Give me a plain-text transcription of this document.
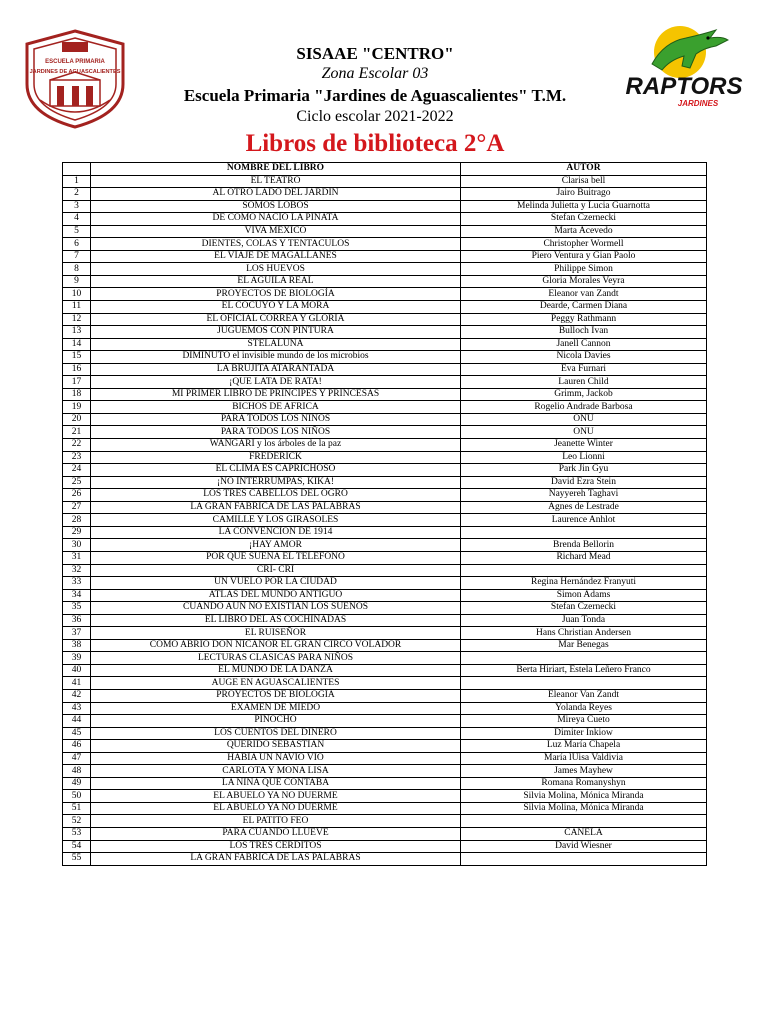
ESCUELA PRIMARIA
JARDINES DE AGUASCALIENTES
SISAAE "CENTRO"
Zona Escolar 03
Escuela Primaria "Jardines de Aguascalientes" T.M.
Ciclo escolar 2021-2022
Libros de biblioteca 2°A
RAPTORS
JARDINES
	NOMBRE DEL LIBRO	AUTOR
1	EL TEATRO	Clarisa bell
2	AL OTRO LADO DEL JARDIN	Jairo Buitrago
3	SOMOS LOBOS	Melinda Julietta y Lucia Guarnotta
4	DE COMO NACIÓ LA PIÑATA	Stefan Czernecki
5	VIVA MÉXICO	Marta Acevedo
6	DIENTES, COLAS Y TENTACULOS	Christopher Wormell
7	EL VIAJE DE MAGALLANES	Piero Ventura y Gian Paolo
8	LOS HUEVOS	Philippe Simon
9	EL AGUILA REAL	Gloria Morales Veyra
10	PROYECTOS DE BIOLOGÍA	Eleanor van Zandt
11	EL COCUYO Y LA MORA	Dearde, Carmen Diana
12	EL OFICIAL CORREA Y GLORIA	Peggy Rathmann
13	JUGUEMOS CON PINTURA	Bulloch Ivan
14	STELALUNA	Janell Cannon
15	DIMINUTO el invisible mundo de los microbios	Nicola Davies
16	LA BRUJITA ATARANTADA	Eva Furnari
17	¡QUE LATA DE RATA!	Lauren Child
18	MI PRIMER LIBRO DE PRINCIPES Y PRINCESAS	Grimm, Jackob
19	BICHOS DE AFRICA	Rogelio Andrade Barbosa
20	PARA TODOS LOS NIÑOS	ONU
21	PARA TODOS LOS NIÑOS	ONU
22	WANGARI y los árboles de la paz	Jeanette Winter
23	FREDERICK	Leo Lionni
24	EL CLIMA ES CAPRICHOSO	Park Jin Gyu
25	¡NO INTERRUMPAS, KIKA!	David Ezra Stein
26	LOS TRES CABELLOS DEL OGRO	Nayyereh Taghavi
27	LA GRAN FABRICA DE LAS PALABRAS	Agnes de Lestrade
28	CAMILLE Y LOS GIRASOLES	Laurence Anhlot
29	LA CONVENCION DE 1914	
30	¡HAY AMOR	Brenda Bellorin
31	POR QUÉ SUENA EL TELEFONO	Richard Mead
32	CRI- CRI	
33	UN VUELO POR LA CIUDAD	Regina Hernández Franyuti
34	ATLAS DEL MUNDO ANTIGUO	Simon Adams
35	CUANDO AUN NO EXISTIAN LOS SUEÑOS	Stefan Czernecki
36	EL LIBRO DEL AS COCHINADAS	Juan Tonda
37	EL RUISEÑOR	Hans Christian Andersen
38	COMO ABRIÓ DON NICANOR EL GRAN CIRCO VOLADOR	Mar Benegas
39	LECTURAS CLASICAS PARA NIÑOS	
40	EL MUNDO DE LA DANZA	Berta Hiriart, Estela Leñero Franco
41	AUGE EN AGUASCALIENTES	
42	PROYECTOS DE BIOLOGÍA	Eleanor Van Zandt
43	EXAMEN DE MIEDO	Yolanda Reyes
44	PINOCHO	Mireya Cueto
45	LOS CUENTOS DEL DINERO	Dimiter Inkiow
46	QUERIDO SEBASTIAN	Luz María Chapela
47	HABIA UN NAVIO VIO	María lUisa Valdivia
48	CARLOTA Y MONA LISA	James Mayhew
49	LA NIÑA QUE CONTABA	Romana Romanyshyn
50	EL ABUELO YA NO DUERME	Silvia Molina, Mónica Miranda
51	EL ABUELO YA NO DUERME	Silvia Molina, Mónica Miranda
52	EL PATITO FEO	
53	PARA CUANDO LLUEVE	CANELA
54	LOS TRES CERDITOS	David Wiesner
55	LA GRAN FABRICA DE LAS PALABRAS	
